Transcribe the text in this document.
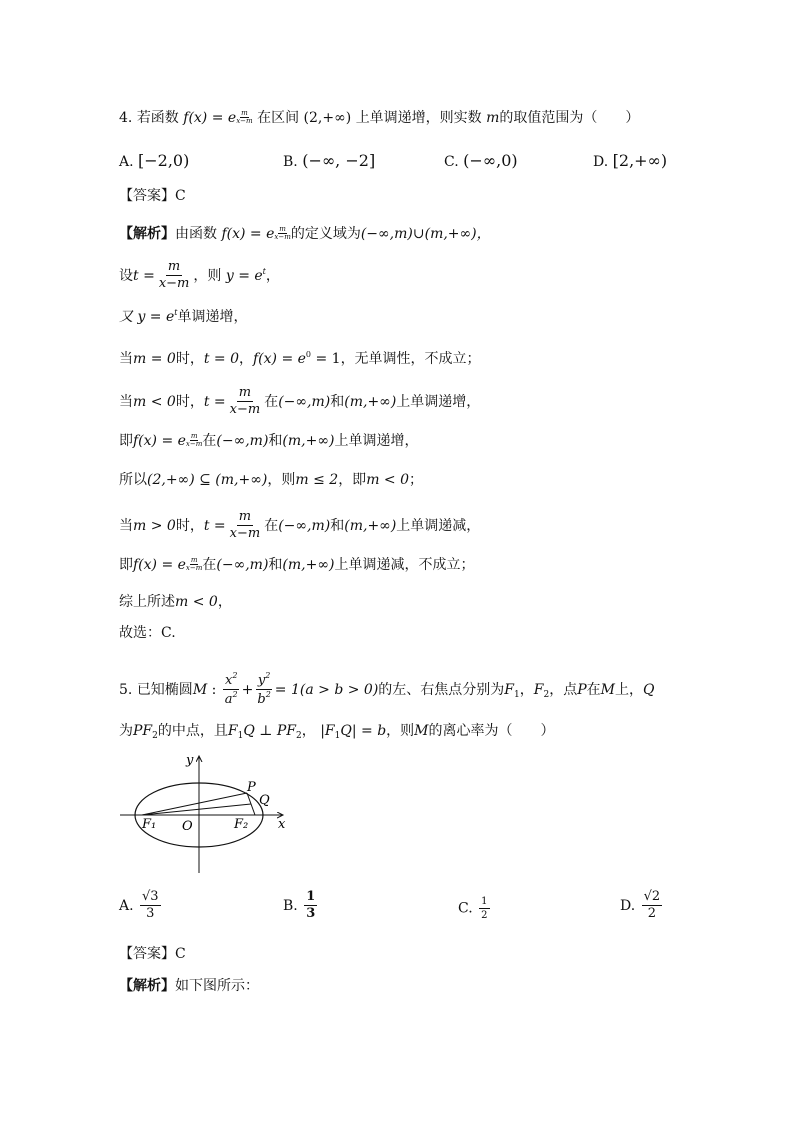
4. 若函数 f(x) = e $\frac{m}{x-m}$ 在区间 (2,+∞) 上单调递增，则实数 m的取值范围为（　　）
A. [−2,0)	B. (−∞, −2]	C. (−∞,0)	D. [2,+∞)
【答案】C
【解析】由函数 f(x) = e $\frac{m}{x-m}$ 的定义域为(−∞,m)∪(m,+∞)，
设$t = \frac{m}{x-m}$ ，则 $y = e^t$，
又 $y = e^t$单调递增，
当m = 0时，t = 0，$f(x) = e^0 = 1$，无单调性，不成立；
当m < 0时，$t = \frac{m}{x-m}$ 在(−∞,m)和(m,+∞)上单调递增，
即f(x) = e $\frac{m}{x-m}$ 在(−∞,m)和(m,+∞)上单调递增，
所以(2,+∞) ⊆ (m,+∞)，则m ≤ 2，即m < 0；
当m > 0时，$t = \frac{m}{x-m}$ 在(−∞,m)和(m,+∞)上单调递减，
即f(x) = e $\frac{m}{x-m}$ 在(−∞,m)和(m,+∞)上单调递减，不成立；
综上所述m < 0，
故选：C.
5. 已知椭圆M : $\frac{x^2}{a^2} + \frac{y^2}{b^2} = 1(a > b > 0)$的左、右焦点分别为$F_1$，$F_2$，点P在M上，Q
为$PF_2$的中点，且$F_1Q$ ⊥ $PF_2$， $|F_1Q| = b$，则M的离心率为（　　）
y
P
Q
F₁ O	F₂ x
A. $\frac{√3}{3}$	B. $\frac{1}{3}$	C. $\frac{1}{2}$	D. $\frac{√2}{2}$
【答案】C
【解析】如下图所示：
